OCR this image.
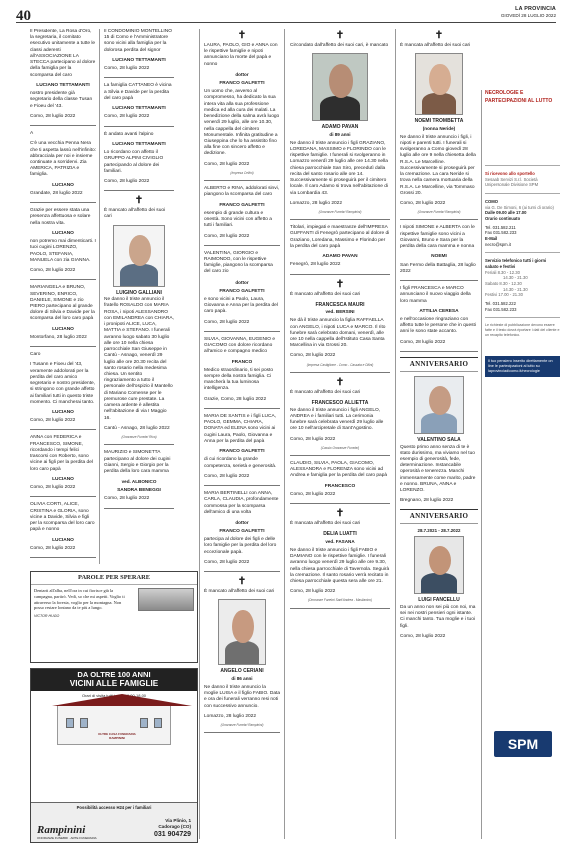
40	LA PROVINCIA
GIOVEDÌ 28 LUGLIO 2022

Il Presidente, La Rosa d'Oro, la segretaria, il comitato esecutivo unitamente a tutte le classi aderenti all'ASSOCIAZIONE LA STECCA partecipano al dolore della famiglia per la scomparsa del caro

LUCIANO TETTAMANTI

nostro presidente già segretario della classe Tusan e Fioeu del '43.

Como, 28 luglio 2022

A

C'è una vecchia Penna Nera che ti aspetta lassù nell'infinito: abbracciala per noi e insieme continuate a sorridervi. Zia AMERICA, PATRIZIA e famiglia.

LUCIANO
Grandate, 28 luglio 2022

Grazie per essere stata una presenza affettuosa e solare nella nostra vita.

LUCIANO

non potremo mai dimenticarti. I tuoi cugini LORENZO, PAOLO, STEFANIA, MANUELA con zia GIANNA.

Como, 28 luglio 2022

MARIANGELA e BRUNO, SEVERINO, ENRICO, DANIELE, SIMONE e zio PIERO partecipano al grande dolore di Silvia e Davide per la scomparsa del loro caro papà

LUCIANO
Montorfano, 28 luglio 2022

Caro

I Tusann e Fioeu del '43, veramente addolorati per la perdita del caro amico segretario e nostro presidente, si stringono con grande affetto ai familiari tutti in questo triste momento. Ci mancherai tanto.

LUCIANO
Como, 28 luglio 2022

ANNA con FEDERICA e FRANCESCO, SIMONE, ricordando i tempi felici trascorsi con Roberto, sono vicine ai figli per la perdita del loro caro papà

LUCIANO
Como, 28 luglio 2022

OLIVIA CORTI, ALICE, CRISTINA e GLORIA, sono vicine a Davide, Silvia e figli per la scomparsa del loro caro papà e nonno

LUCIANO
Como, 28 luglio 2022

Il CONDOMINIO MONTELLINO 15 di Como e l'Amministratore sono vicini alla famiglia per la dolorosa perdita del signor

LUCIANO TETTAMANTI
Como, 28 luglio 2022

La famiglia CATTANEO è vicina a Silvia e Davide per la perdita del caro papà

LUCIANO TETTAMANTI
Como, 28 luglio 2022

È andato avanti l'alpino

LUCIANO TETTAMANTI

Lo ricordano con affetto il GRUPPO ALPINI CIVIGLIO partecipando al dolore dei familiari.

Como, 28 luglio 2022
✝

È mancato all'affetto dei suoi cari

LUIGINO GALLIANI

Ne danno il triste annuncio il fratello ROSALDO con MARIA ROSA, i nipoti ALESSANDRO con EMILANDREA con CHIARA, i pronipoti ALICE, LUCA, MATTIA e STEFANO. I funerali avranno luogo sabato 30 luglio alle ore 10 nella chiesa parrocchiale San Giuseppe in Cantù - Asnago, venerdì 29 luglio alle ore 20.30 recita del santo rosario nella medesima chiesa. Un sentito ringraziamento a tutto il personale dell'ospizio il Mantello di Mariano Comense per le premurose cure prestate. La camera ardente è allestita nell'abitazione di via I Maggio 16.

Cantù - Asnago, 28 luglio 2022
(Onoranze Funebri Riva)

MAURIZIO e SIMONETTA partecipano al dolore dei cugini Gianni, Sergio e Giorgio per la perdita della loro cara mamma

ved. ALBONICO
SANDRA BENEGGI
Como, 28 luglio 2022
PAROLE PER SPERARE
Dentarti all'alba, nell'ora in cui fiorisce già la campagna, partirò. Vedi, so che mi aspetti. Voglio ti attraverso la foresta, voglio per la montagna. Non posso restare lontano da te più a lungo.
VICTOR HUGO
DA OLTRE 100 ANNI
VICINI ALLE FAMIGLIE
Orari di visita tutti i giorni 8.00-18.00
OLTRE CASA FUNERARIA RAMPININI
Possibilità accesso H24 per i familiari
Rampinini
ONORANZE FUNEBRI · ARTE FUNERARIA
Via Plinio, 1
Cadorago (CO)
031 904729
✝

LAURA, PAOLO, GIO e ANNA con le rispettive famiglie e nipoti annunciano la morte del papà e nonno

dottor
FRANCO GALFETTI

Un uomo che, avverso al compromesso, ha dedicato la sua intera vita alla sua professione medica ed alla cura dei malati. La benedizione della salma avrà luogo venerdì 29 luglio, alle ore 10.30, nella cappella del cimitero Monumentale. Infinita gratitudine a Giuseppina che lo ha assistito fino alla fine con sincero affetto e dedizione.

Como, 28 luglio 2022
(Impresa Cellini)

ALBERTO e RINA, addolorati sinvi, piangono la scomparsa del caro

FRANCO GALFETTI

esempio di grande cultura e onestà. Sono vicini con affetto a tutti i familiari.

Como, 28 luglio 2022

VALENTINA, GIORGIO e RAIMONDO, con le rispettive famiglie, piangono la scomparsa del caro zio

dottor
FRANCO GALFETTI

e sono vicini a Paolo, Laura, Giovanna e Anna per la perdita del caro papà.

Como, 28 luglio 2022

SILVIA, GIOVANNA, EUGENIO e GIACOMO con dolore ricordano all'amico e compagno medico

FRANCO

Medico straordinario, ti sei posto sempre della nostra famiglia. Ci mancherà la tua luminosa intelligenza.

Grazie, Como, 28 luglio 2022

MARIA DE SANTIS e i figli LUCA, PAOLO, GEMMA, CHIARA, DONATA ed ELENA sono vicini ai cugini Laura, Paolo, Giovanna e Anna per la perdita del papà

FRANCO GALFETTI

di cui ricordano la grande competenza, serietà e generosità.

Como, 28 luglio 2022

MARIA BERTINELLI con ANNA, CARLA, CLAUDIA, profondamente commossa per la scomparsa dell'amico di una volta

dottor
FRANCO GALFETTI

partecipa al dolore dei figli e delle loro famiglie per la perdita del loro eccezionale papà.

Como, 28 luglio 2022
✝

È mancato all'affetto dei suoi cari

ANGELO CERIANI
di 86 anni

Ne danno il triste annuncio la moglie LUISA e il figlio FABIO. Data e ora dei funerali verranno resi noti con successivo annuncio.

Lomazzo, 28 luglio 2022
(Onoranze Funebri Rampinini)
✝

Circondato dall'affetto dei suoi cari, è mancato

ADAMO PAVAN
di 89 anni

Ne danno il triste annuncio i figli GRAZIANO, LOREDANA, MASSIMO e FLORINDO con le rispettive famiglie. I funerali si svolgeranno in Lomazzo venerdì 29 luglio alle ore 14.30 nella chiesa parrocchiale San Siro, precedutì dalla recita del santo rosario alle ore 14. Successivamente si proseguirà per il cimitero locale. Il caro Adamo si trova nell'abitazione di via Lombardia 43.

Lomazzo, 28 luglio 2022
(Onoranze Funebri Rampinini)

Titolari, impiegati e maestranze dell'IMPRESA GUFFANTI di Fenegrò partecipano al dolore di Graziano, Loredana, Massimo e Florindo per la perdita del caro papà

ADAMO PAVAN
Fenegrò, 28 luglio 2022
✝

È mancato all'affetto dei suoi cari

FRANCESCA MAURI
ved. BERSINI

Ne dà il triste annuncio la figlia RAFFAELLA con ANGELO, i nipoti LUCA e MARCO. Il rito funebre sarà celebrato domani, venerdì, alle ore 10 nella cappella dell'Istituto Casa Santa Marcellina in via Grossi 20.

Como, 28 luglio 2022
(Impresa Castiglione - Como - Cassata e Dilini)
✝

È mancato all'affetto dei suoi cari

FRANCESCO ALLIETTA

Ne danno il triste annuncio i figli ANGELO, ANDREA e i familiari tutti. La cerimonia funebre sarà celebrata venerdì 29 luglio alle ore 10 nell'arcipretale di Sant'Agostino.

Como, 28 luglio 2022
(Cassio Onoranze Funebri)

CLAUDIO, SILVIA, PAOLA, GIACOMO, ALESSANDRA e FLORENZA sono vicini ad Andrea e famiglia per la perdita del caro papà

FRANCESCO
Como, 28 luglio 2022
✝

È mancata all'affetto dei suoi cari

DELIA LUATTI
ved. FASANA

Ne danno il triste annuncio i figli FABIO e DAMIANO con le rispettive famiglie. I funerali avranno luogo venerdì 29 luglio alle ore 9.30, nella chiesa parrocchiale di Tavernola. Seguirà la cremazione. Il santo rosario verrà recitato in chiesa parrocchiale questa sera alle ore 21.

Como, 28 luglio 2022
(Onoranze Funebri Sant'Andrea - Maslianico)
✝

È mancata all'affetto dei suoi cari

NOEMI TROMBETTA
(nonna Neride)

Ne danno il triste annuncio i figli, i nipoti e parenti tutti. I funerali si svolgeranno a Como giovedì 28 luglio alle ore 9 nella chiesetta della R.S.A. Le Marcelline. Successivamente si proseguirà per la cremazione. La cara Neride si trova nella camera mortuaria della R.S.A. Le Marcelline, via Tommaso Grossi 20.

Como, 28 luglio 2022
(Onoranze Funebri Rampinini)

I nipoti SIMONE e ALBERTA con le rispettive famiglie sono vicini a Giovanni, Bruno e Sara per la perdita della cara mamma e nonna

NOEMI
San Fermo della Battaglia, 28 luglio 2022

I figli FRANCESCA e MARCO annunciano il nuovo viaggio della loro mamma

ATTILIA CERESA

e nell'occasione ringraziano con affetto tutte le persone che in questi anni le sono state accanto.

Como, 28 luglio 2022
ANNIVERSARIO
VALENTINO SALA

Questo primo anno senza di te è stato durissimo, ma viviamo nel tuo esempio di generosità, fede, determinazione. Instancabile operosità e tenerezza. Manchi immensamente come marito, padre e nonno. BRUNA, ANNA e LORENZO.

Bregnano, 28 luglio 2022
ANNIVERSARIO
28.7.2021 - 28.7.2022
LUIGI FANCELLU

Da un anno non sei più con noi, ma sei nei nostri pensieri ogni istante. Ci manchi tanto. Tua moglie e i tuoi figli.

Como, 28 luglio 2022
NECROLOGIE E PARTECIPAZIONI AL LUTTO
Si ricevono allo sportello
Sesaab Servizi S.r.l. Società Unipersonale Divisione SPM
COMO
via G. De Simoni, 6 (ai turni di orario)
Dalle 09.00 alle 17.00
Orario continuato
Tel. 031.582.211
Fax 031.582.233
E-Mail
necro@spm.it
Servizio telefonico tutti i giorni sabato e festivi
Feriali 8.30 - 12.30
14.30 - 21.30
Sabato 8.30 - 12.30
14.30 - 21.30
Festivi 17.00 - 21.30
Tel. 031.582.222
Fax 031.582.233
Le richieste di pubblicazione devono essere fatte e il testo dovrà riportare i dati del cliente e un recapito telefonico.
Il tuo pensiero inserito direttamente on line le partecipazioni al lutto su laprovinciadicomo.it/necrologie
SPM
